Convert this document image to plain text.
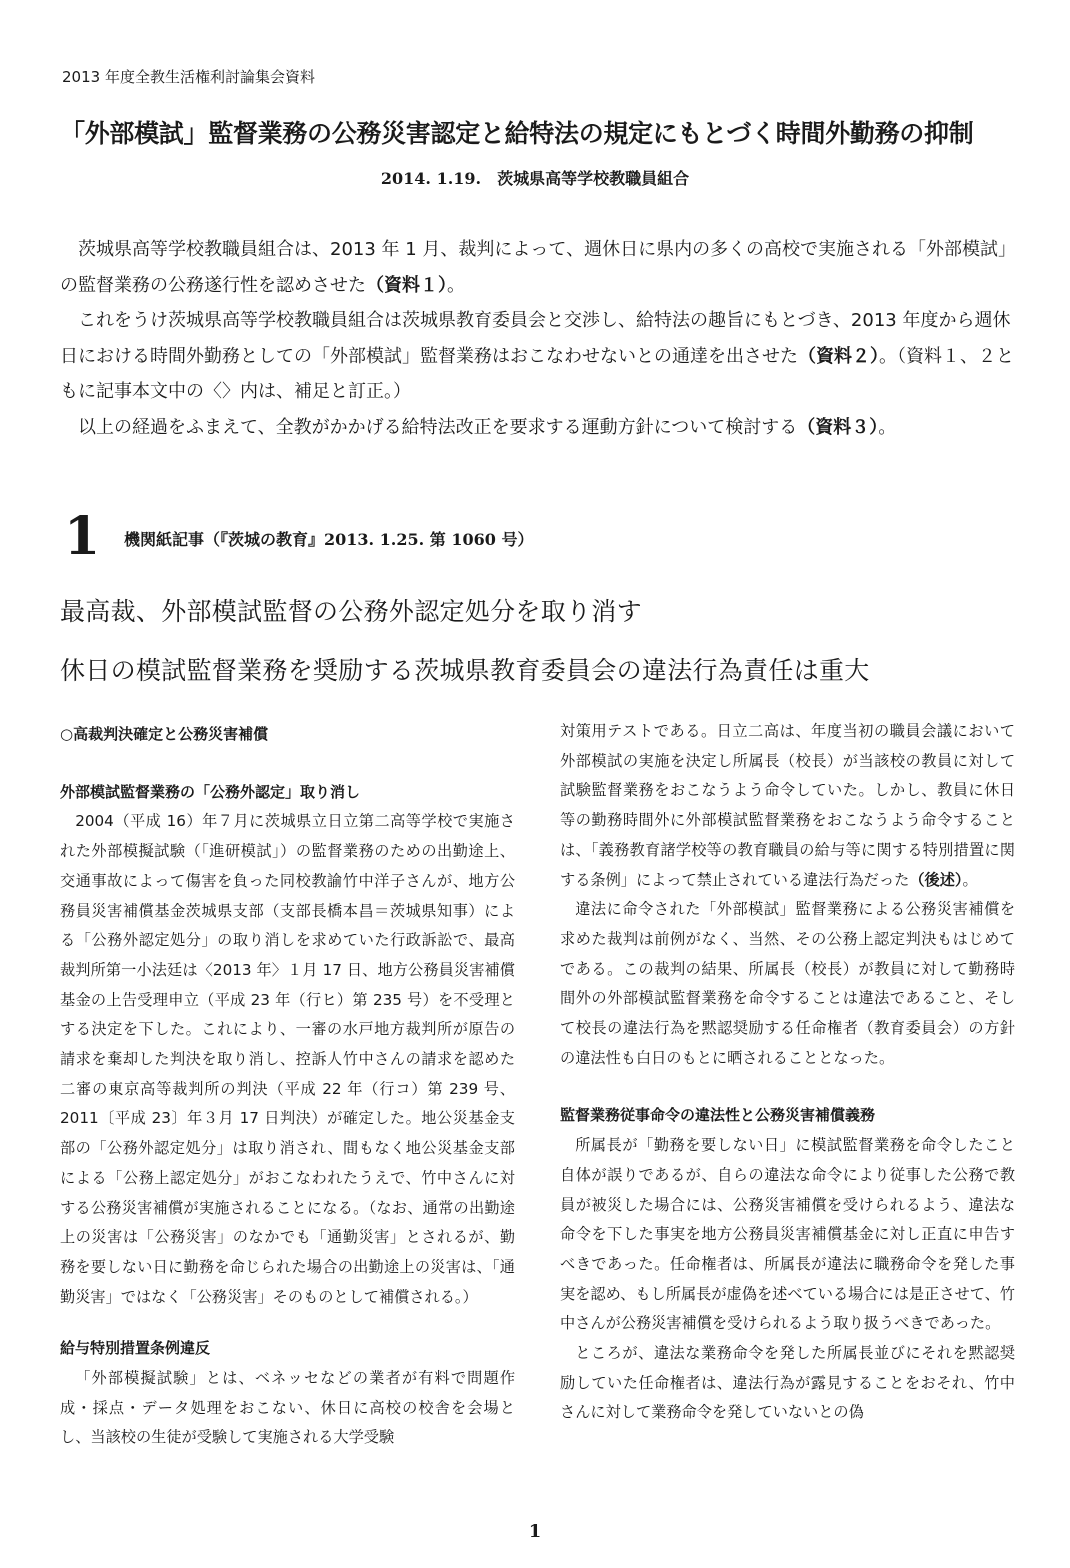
2013 年度全教生活権利討論集会資料
「外部模試」監督業務の公務災害認定と給特法の規定にもとづく時間外勤務の抑制
2014. 1.19.　茨城県高等学校教職員組合

茨城県高等学校教職員組合は、2013 年 1 月、裁判によって、週休日に県内の多くの高校で実施される「外部模試」の監督業務の公務遂行性を認めさせた（資料１）。

これをうけ茨城県高等学校教職員組合は茨城県教育委員会と交渉し、給特法の趣旨にもとづき、2013 年度から週休日における時間外勤務としての「外部模試」監督業務はおこなわせないとの通達を出させた（資料２）。（資料１、２ともに記事本文中の〈〉内は、補足と訂正。）

以上の経過をふまえて、全教がかかげる給特法改正を要求する運動方針について検討する（資料３）。

1 機関紙記事（『茨城の教育』2013. 1.25. 第 1060 号）
最高裁、外部模試監督の公務外認定処分を取り消す
休日の模試監督業務を奨励する茨城県教育委員会の違法行為責任は重大

○高裁判決確定と公務災害補償

外部模試監督業務の「公務外認定」取り消し

2004（平成 16）年７月に茨城県立日立第二高等学校で実施された外部模擬試験（「進研模試」）の監督業務のための出勤途上、交通事故によって傷害を負った同校教諭竹中洋子さんが、地方公務員災害補償基金茨城県支部（支部長橋本昌＝茨城県知事）による「公務外認定処分」の取り消しを求めていた行政訴訟で、最高裁判所第一小法廷は〈2013 年〉１月 17 日、地方公務員災害補償基金の上告受理申立（平成 23 年（行ヒ）第 235 号）を不受理とする決定を下した。これにより、一審の水戸地方裁判所が原告の請求を棄却した判決を取り消し、控訴人竹中さんの請求を認めた二審の東京高等裁判所の判決（平成 22 年（行コ）第 239 号、2011〔平成 23〕年３月 17 日判決）が確定した。地公災基金支部の「公務外認定処分」は取り消され、間もなく地公災基金支部による「公務上認定処分」がおこなわれたうえで、竹中さんに対する公務災害補償が実施されることになる。（なお、通常の出勤途上の災害は「公務災害」のなかでも「通勤災害」とされるが、勤務を要しない日に勤務を命じられた場合の出勤途上の災害は、「通勤災害」ではなく「公務災害」そのものとして補償される。）

給与特別措置条例違反

「外部模擬試験」とは、ベネッセなどの業者が有料で問題作成・採点・データ処理をおこない、休日に高校の校舎を会場とし、当該校の生徒が受験して実施される大学受験

対策用テストである。日立二高は、年度当初の職員会議において外部模試の実施を決定し所属長（校長）が当該校の教員に対して試験監督業務をおこなうよう命令していた。しかし、教員に休日等の勤務時間外に外部模試監督業務をおこなうよう命令することは、「義務教育諸学校等の教育職員の給与等に関する特別措置に関する条例」によって禁止されている違法行為だった（後述）。

違法に命令された「外部模試」監督業務による公務災害補償を求めた裁判は前例がなく、当然、その公務上認定判決もはじめてである。この裁判の結果、所属長（校長）が教員に対して勤務時間外の外部模試監督業務を命令することは違法であること、そして校長の違法行為を黙認奨励する任命権者（教育委員会）の方針の違法性も白日のもとに晒されることとなった。

監督業務従事命令の違法性と公務災害補償義務

所属長が「勤務を要しない日」に模試監督業務を命令したこと自体が誤りであるが、自らの違法な命令により従事した公務で教員が被災した場合には、公務災害補償を受けられるよう、違法な命令を下した事実を地方公務員災害補償基金に対し正直に申告すべきであった。任命権者は、所属長が違法に職務命令を発した事実を認め、もし所属長が虚偽を述べている場合には是正させて、竹中さんが公務災害補償を受けられるよう取り扱うべきであった。

ところが、違法な業務命令を発した所属長並びにそれを黙認奨励していた任命権者は、違法行為が露見することをおそれ、竹中さんに対して業務命令を発していないとの偽

1
